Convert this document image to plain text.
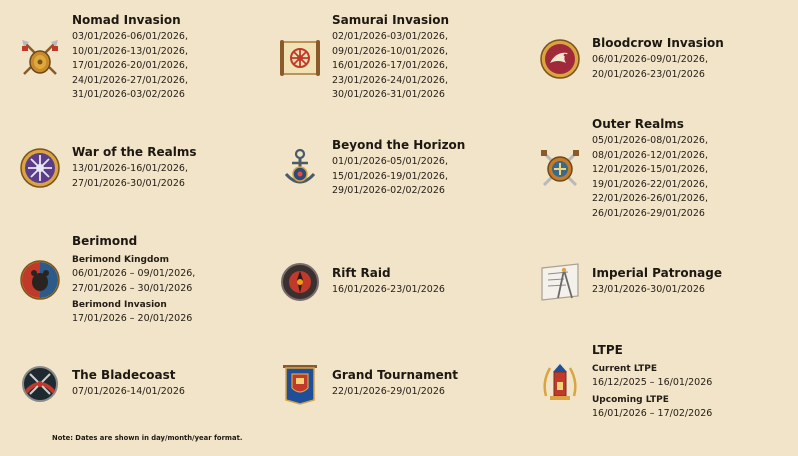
Nomad Invasion
03/01/2026-06/01/2026,
10/01/2026-13/01/2026,
17/01/2026-20/01/2026,
24/01/2026-27/01/2026,
31/01/2026-03/02/2026
Samurai Invasion
02/01/2026-03/01/2026,
09/01/2026-10/01/2026,
16/01/2026-17/01/2026,
23/01/2026-24/01/2026,
30/01/2026-31/01/2026
Bloodcrow Invasion
06/01/2026-09/01/2026,
20/01/2026-23/01/2026
War of the Realms
13/01/2026-16/01/2026,
27/01/2026-30/01/2026
Beyond the Horizon
01/01/2026-05/01/2026,
15/01/2026-19/01/2026,
29/01/2026-02/02/2026
Outer Realms
05/01/2026-08/01/2026,
08/01/2026-12/01/2026,
12/01/2026-15/01/2026,
19/01/2026-22/01/2026,
22/01/2026-26/01/2026,
26/01/2026-29/01/2026
Berimond
Berimond Kingdom
06/01/2026 – 09/01/2026,
27/01/2026 – 30/01/2026
Berimond Invasion
17/01/2026 – 20/01/2026
Rift Raid
16/01/2026-23/01/2026
Imperial Patronage
23/01/2026-30/01/2026
The Bladecoast
07/01/2026-14/01/2026
Grand Tournament
22/01/2026-29/01/2026
LTPE
Current LTPE
16/12/2025 – 16/01/2026
Upcoming LTPE
16/01/2026 – 17/02/2026
Note: Dates are shown in day/month/year format.
